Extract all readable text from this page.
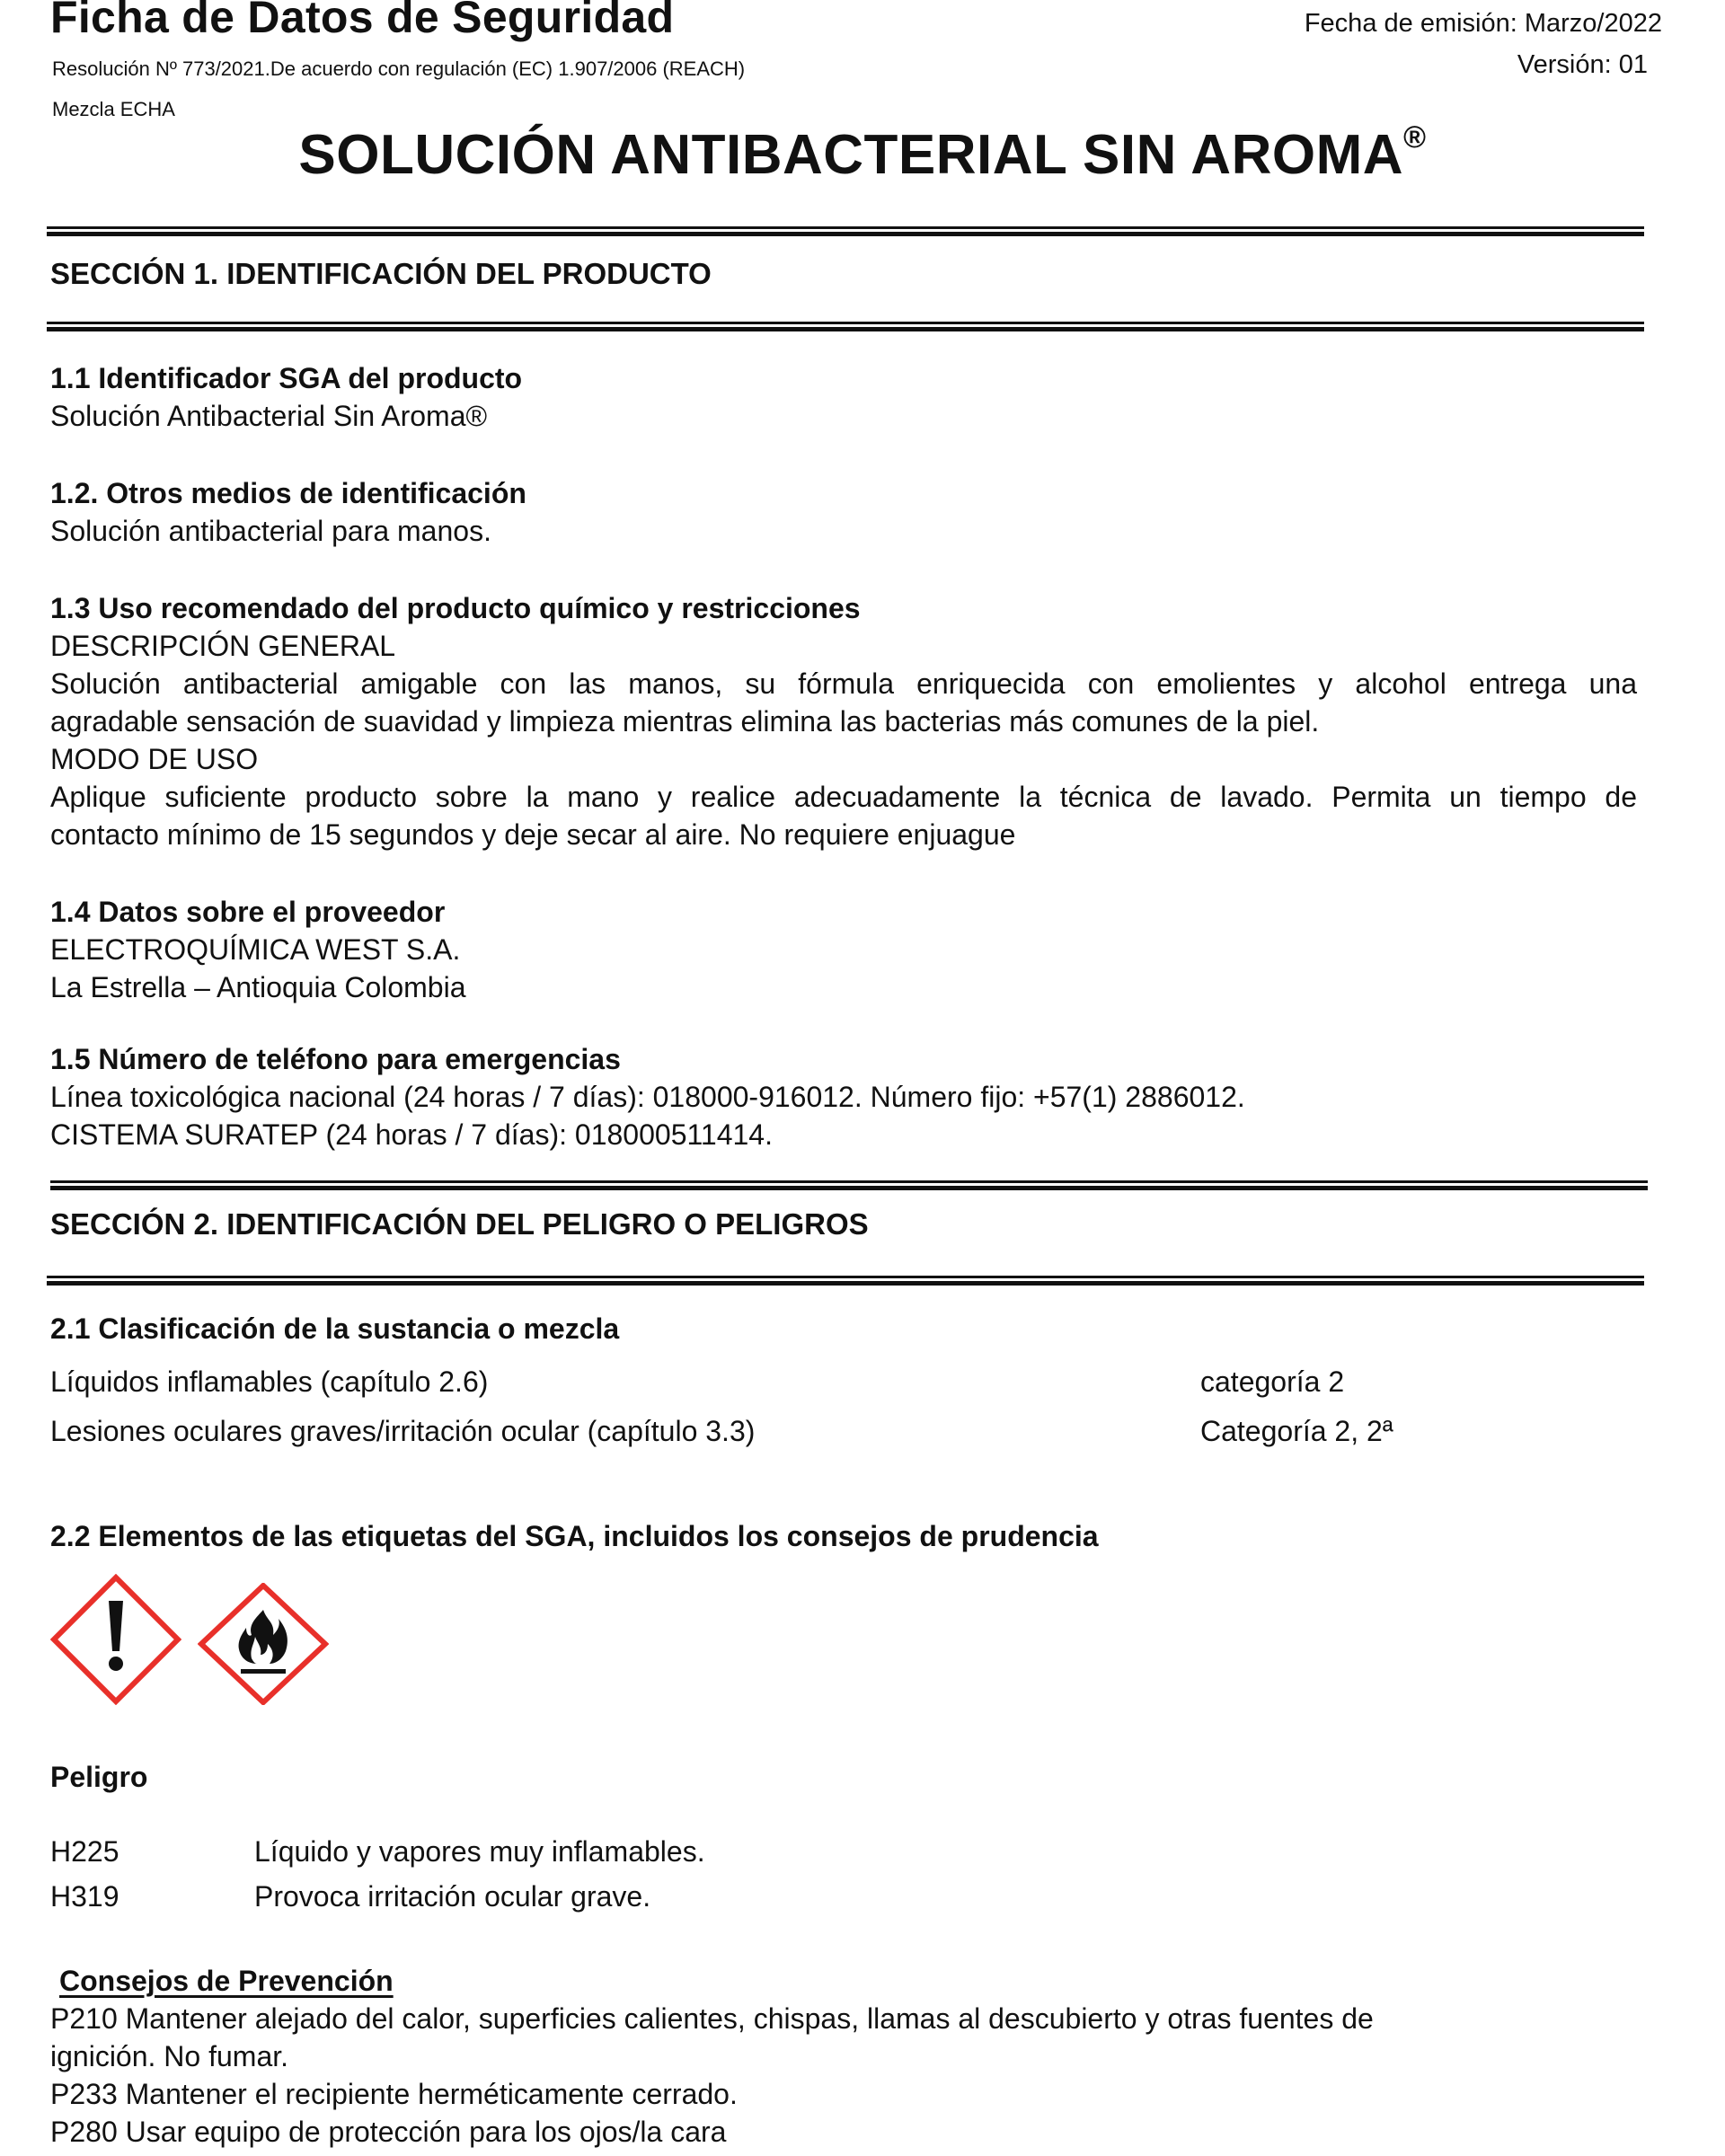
Ficha de Datos de Seguridad
Resolución Nº 773/2021.De acuerdo con regulación (EC) 1.907/2006 (REACH)
Mezcla ECHA
Fecha de emisión: Marzo/2022
Versión: 01
SOLUCIÓN ANTIBACTERIAL SIN AROMA®
SECCIÓN 1. IDENTIFICACIÓN DEL PRODUCTO
1.1 Identificador SGA del producto
Solución Antibacterial Sin Aroma®
1.2. Otros medios de identificación
Solución antibacterial para manos.
1.3 Uso recomendado del producto químico y restricciones
DESCRIPCIÓN GENERAL
Solución antibacterial amigable con las manos, su fórmula enriquecida con emolientes y alcohol entrega una
agradable sensación de suavidad y limpieza mientras elimina las bacterias más comunes de la piel.
MODO DE USO
Aplique suficiente producto sobre la mano y realice adecuadamente la técnica de lavado. Permita un tiempo de
contacto mínimo de 15 segundos y deje secar al aire. No requiere enjuague
1.4 Datos sobre el proveedor
ELECTROQUÍMICA WEST S.A.
La Estrella – Antioquia Colombia
1.5 Número de teléfono para emergencias
Línea toxicológica nacional (24 horas / 7 días): 018000-916012. Número fijo: +57(1) 2886012.
CISTEMA SURATEP (24 horas / 7 días): 018000511414.
SECCIÓN 2. IDENTIFICACIÓN DEL PELIGRO O PELIGROS
2.1 Clasificación de la sustancia o mezcla
Líquidos inflamables (capítulo 2.6)	categoría 2
Lesiones oculares graves/irritación ocular (capítulo 3.3)	Categoría 2, 2ª
2.2 Elementos de las etiquetas del SGA, incluidos los consejos de prudencia
Peligro
H225	Líquido y vapores muy inflamables.
H319	Provoca irritación ocular grave.
Consejos de Prevención
P210 Mantener alejado del calor, superficies calientes, chispas, llamas al descubierto y otras fuentes de
ignición. No fumar.
P233 Mantener el recipiente herméticamente cerrado.
P280 Usar equipo de protección para los ojos/la cara
